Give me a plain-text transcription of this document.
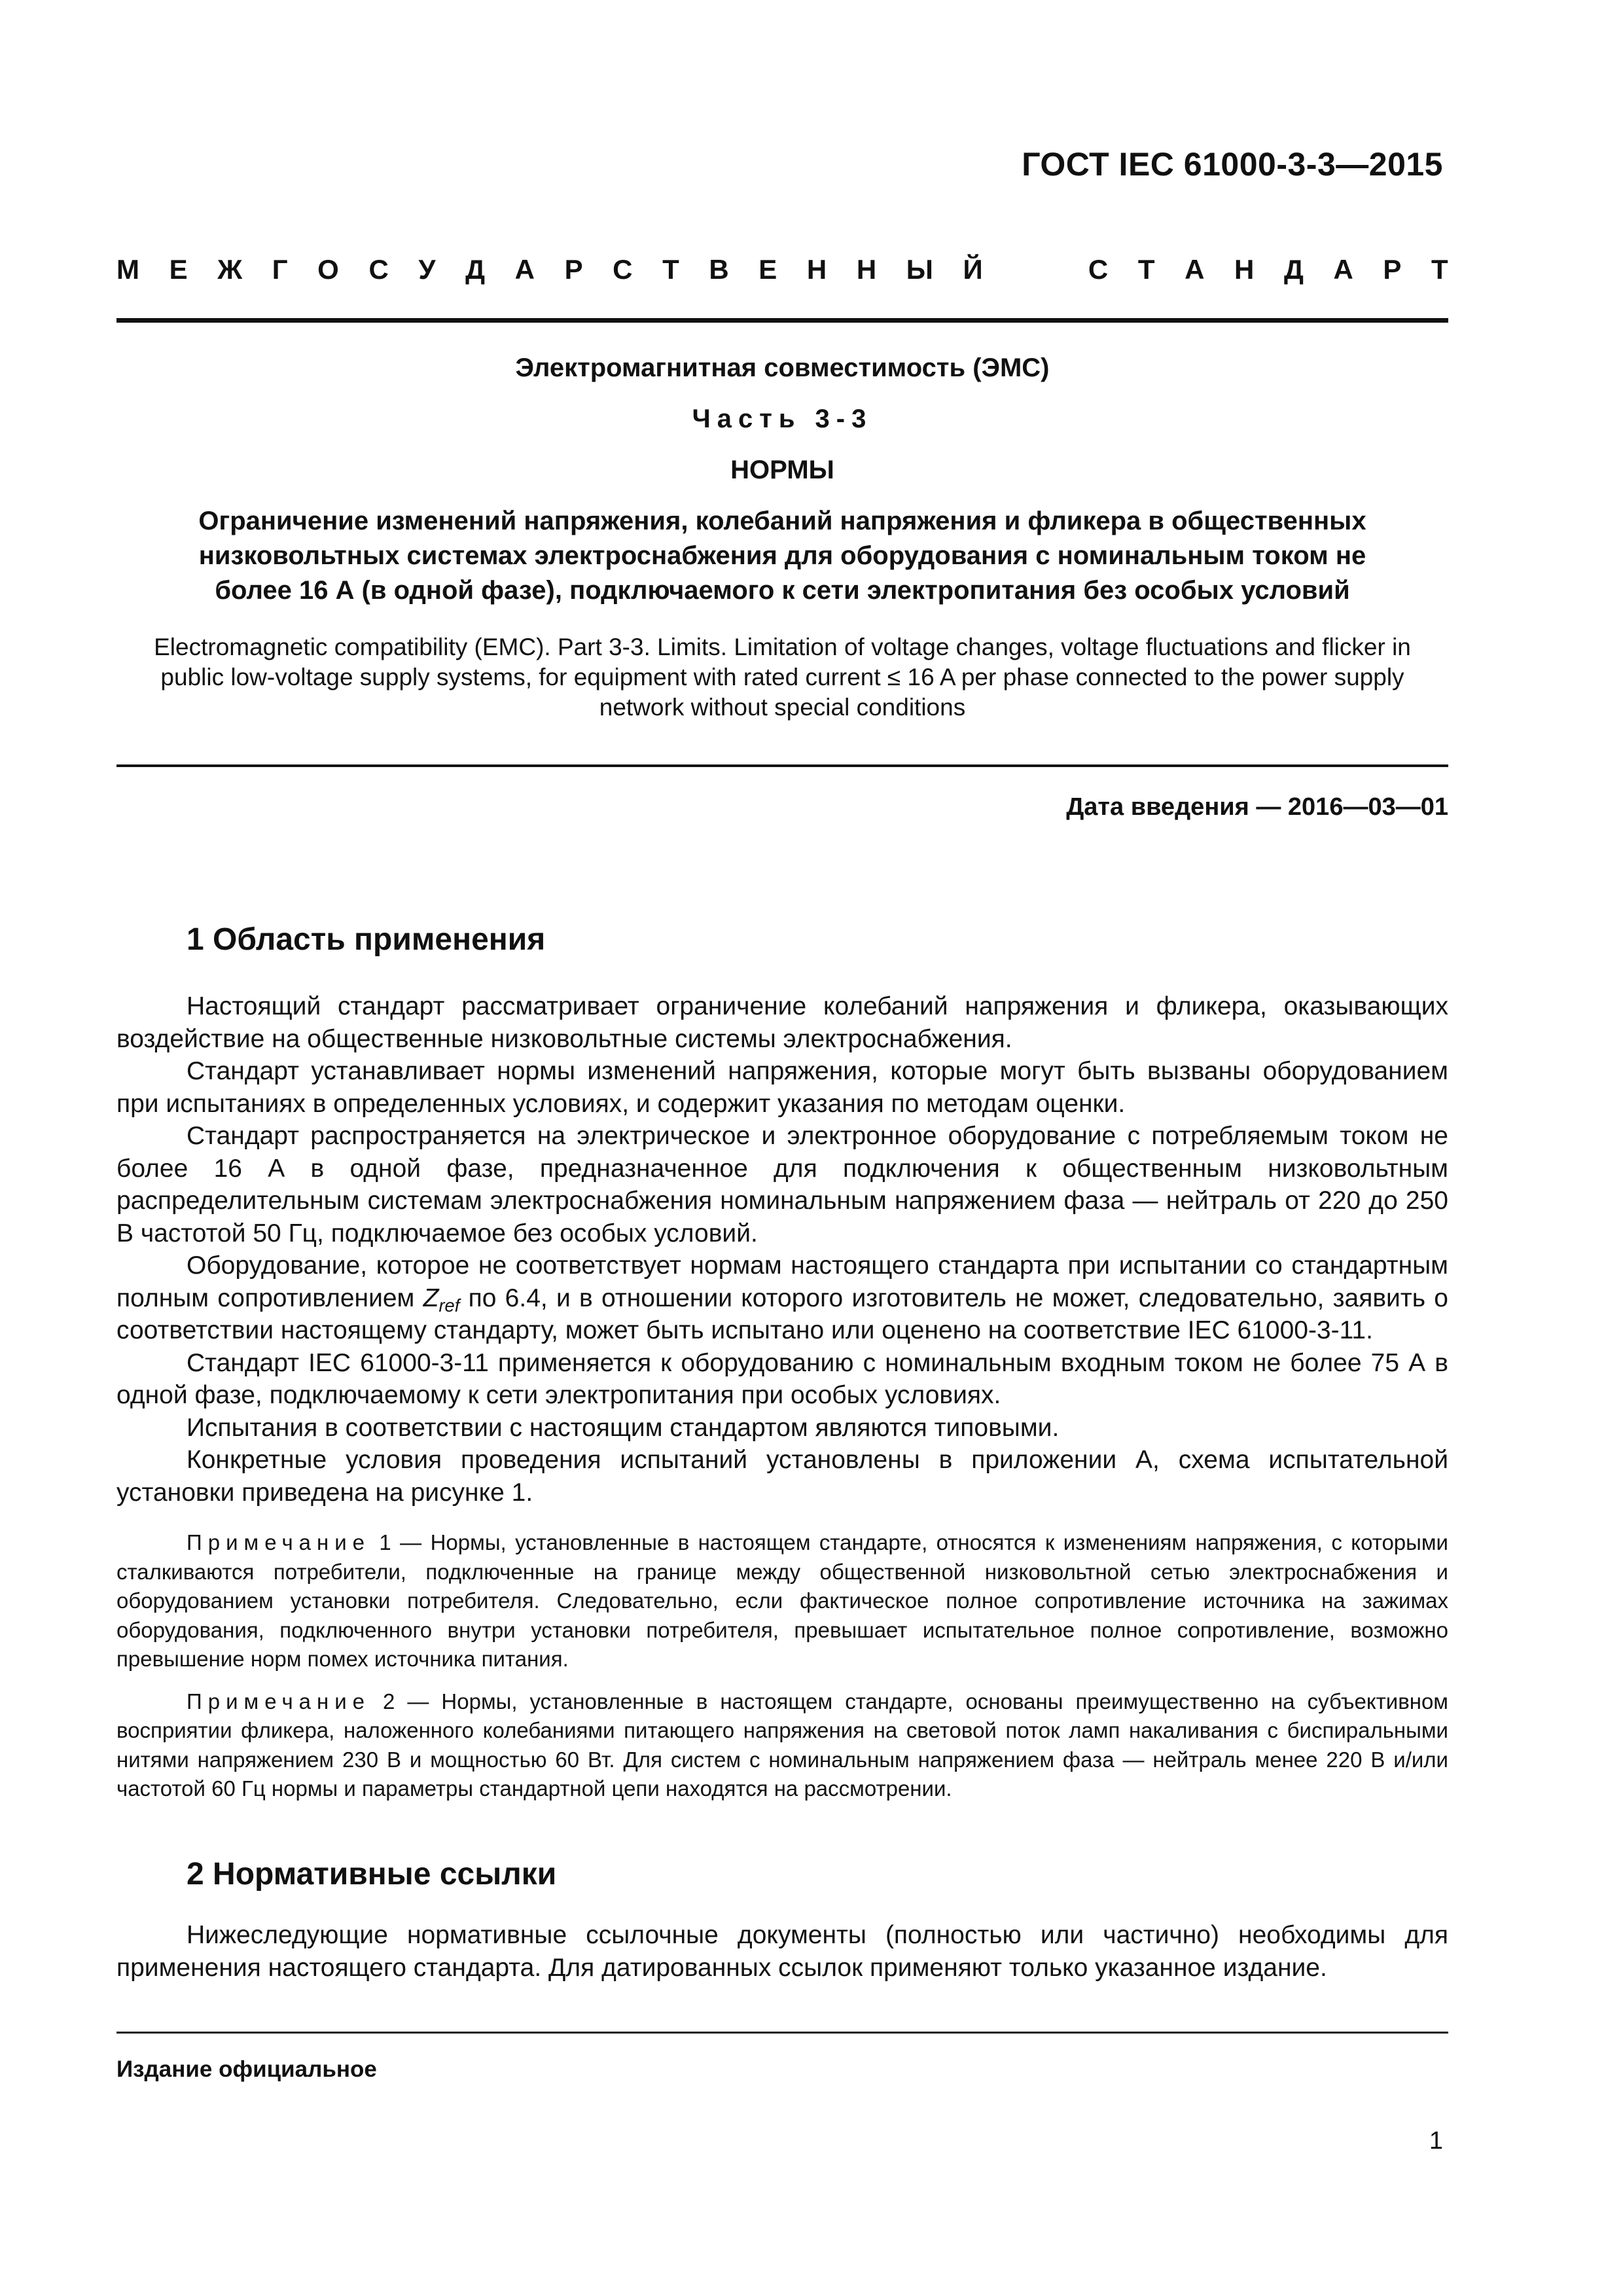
ГОСТ IEC 61000-3-3—2015
М Е Ж Г О С У Д А Р С Т В Е Н Н Ы Й	С Т А Н Д А Р Т
Электромагнитная совместимость (ЭМС)
Часть 3-3
НОРМЫ
Ограничение изменений напряжения, колебаний напряжения и фликера в общественных
низковольтных системах электроснабжения для оборудования с номинальным током не
более 16 А (в одной фазе), подключаемого к сети электропитания без особых условий
Electromagnetic compatibility (EMC). Part 3-3. Limits. Limitation of voltage changes, voltage fluctuations and flicker in
public low-voltage supply systems, for equipment with rated current ≤ 16 A per phase connected to the power supply
network without special conditions
Дата введения — 2016—03—01
1 Область применения

Настоящий стандарт рассматривает ограничение колебаний напряжения и фликера, оказывающих воздействие на общественные низковольтные системы электроснабжения.

Стандарт устанавливает нормы изменений напряжения, которые могут быть вызваны оборудованием при испытаниях в определенных условиях, и содержит указания по методам оценки.

Стандарт распространяется на электрическое и электронное оборудование с потребляемым током не более 16 А в одной фазе, предназначенное для подключения к общественным низковольтным распределительным системам электроснабжения номинальным напряжением фаза — нейтраль от 220 до 250 В частотой 50 Гц, подключаемое без особых условий.

Оборудование, которое не соответствует нормам настоящего стандарта при испытании со стандартным полным сопротивлением $Z_{ref}$ по 6.4, и в отношении которого изготовитель не может, следовательно, заявить о соответствии настоящему стандарту, может быть испытано или оценено на соответствие IEC 61000-3-11.

Стандарт IEC 61000-3-11 применяется к оборудованию с номинальным входным током не более 75 А в одной фазе, подключаемому к сети электропитания при особых условиях.

Испытания в соответствии с настоящим стандартом являются типовыми.

Конкретные условия проведения испытаний установлены в приложении А, схема испытательной установки приведена на рисунке 1.

Примечание 1 — Нормы, установленные в настоящем стандарте, относятся к изменениям напряжения, с которыми сталкиваются потребители, подключенные на границе между общественной низковольтной сетью электроснабжения и оборудованием установки потребителя. Следовательно, если фактическое полное сопротивление источника на зажимах оборудования, подключенного внутри установки потребителя, превышает испытательное полное сопротивление, возможно превышение норм помех источника питания.

Примечание 2 — Нормы, установленные в настоящем стандарте, основаны преимущественно на субъективном восприятии фликера, наложенного колебаниями питающего напряжения на световой поток ламп накаливания с биспиральными нитями напряжением 230 В и мощностью 60 Вт. Для систем с номинальным напряжением фаза — нейтраль менее 220 В и/или частотой 60 Гц нормы и параметры стандартной цепи находятся на рассмотрении.

2 Нормативные ссылки

Нижеследующие нормативные ссылочные документы (полностью или частично) необходимы для применения настоящего стандарта. Для датированных ссылок применяют только указанное издание.

Издание официальное
1
